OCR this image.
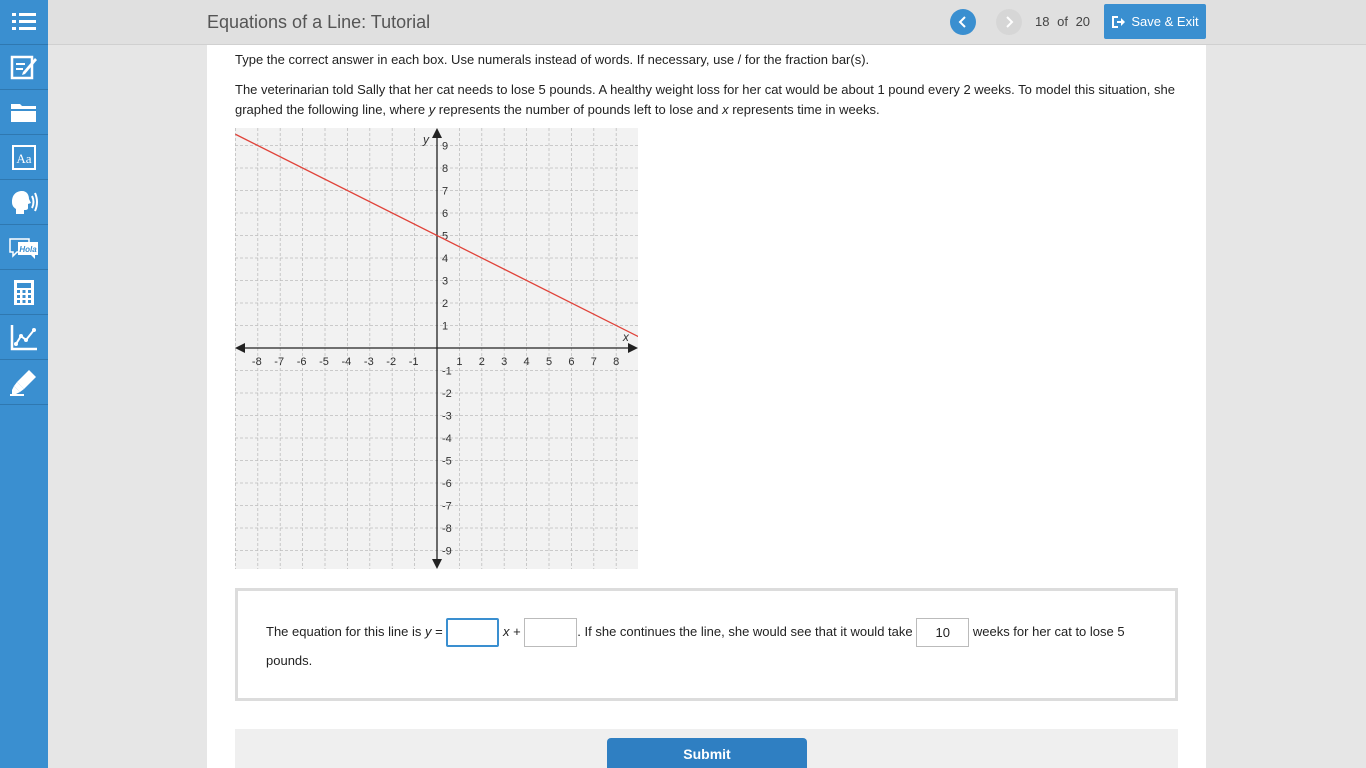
Aa
Hola
Equations of a Line: Tutorial	18 of 20	Save & Exit
Type the correct answer in each box. Use numerals instead of words. If necessary, use / for the fraction bar(s).
The veterinarian told Sally that her cat needs to lose 5 pounds. A healthy weight loss for her cat would be about 1 pound every 2 weeks. To model this situation, she graphed the following line, where y represents the number of pounds left to lose and x represents time in weeks.
-8 -7 -6 -5 -4 -3 -2 -1	1 2 3 4 5 6 7 8
9
8
7
6
5
4
3
2
1
-1
-2
-3
-4
-5
-6
-7
-8
-9
x
y
The equation for this line is y =	x +	. If she continues the line, she would see that it would take 10	weeks for her cat to lose 5 pounds.
Submit
